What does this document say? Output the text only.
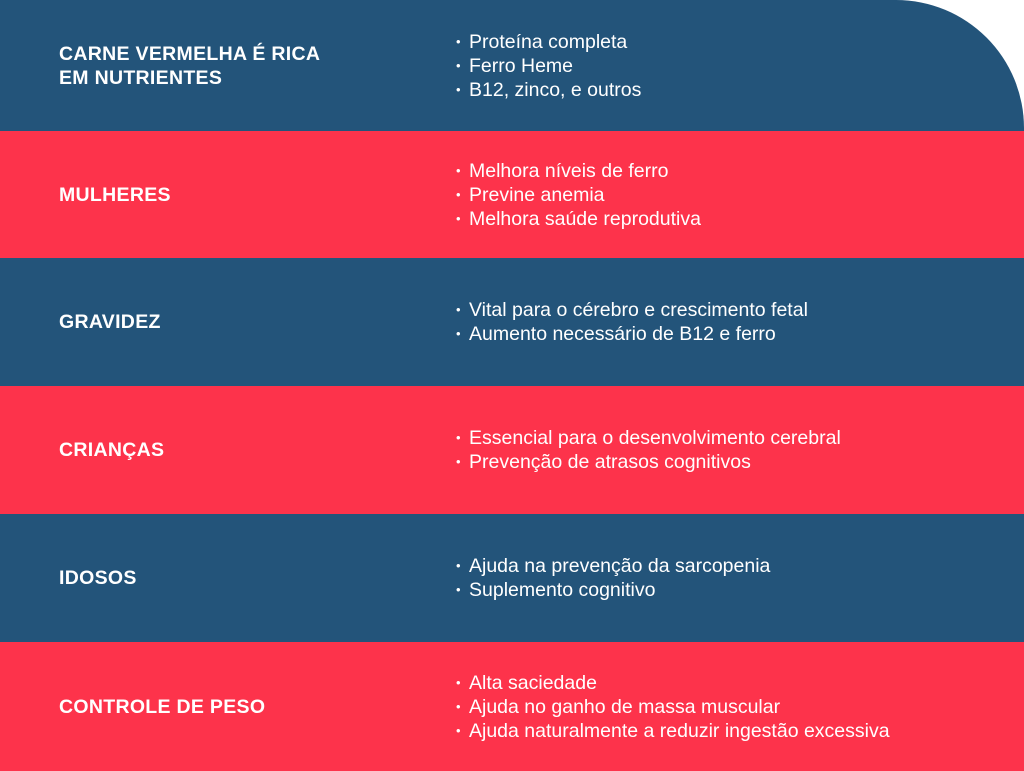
CARNE VERMELHA É RICA
EM NUTRIENTES
• Proteína completa
• Ferro Heme
• B12, zinco, e outros
MULHERES
• Melhora níveis de ferro
• Previne anemia
• Melhora saúde reprodutiva
GRAVIDEZ
• Vital para o cérebro e crescimento fetal
• Aumento necessário de B12 e ferro
CRIANÇAS
• Essencial para o desenvolvimento cerebral
• Prevenção de atrasos cognitivos
IDOSOS
• Ajuda na prevenção da sarcopenia
• Suplemento cognitivo
CONTROLE DE PESO
• Alta saciedade
• Ajuda no ganho de massa muscular
• Ajuda naturalmente a reduzir ingestão excessiva
